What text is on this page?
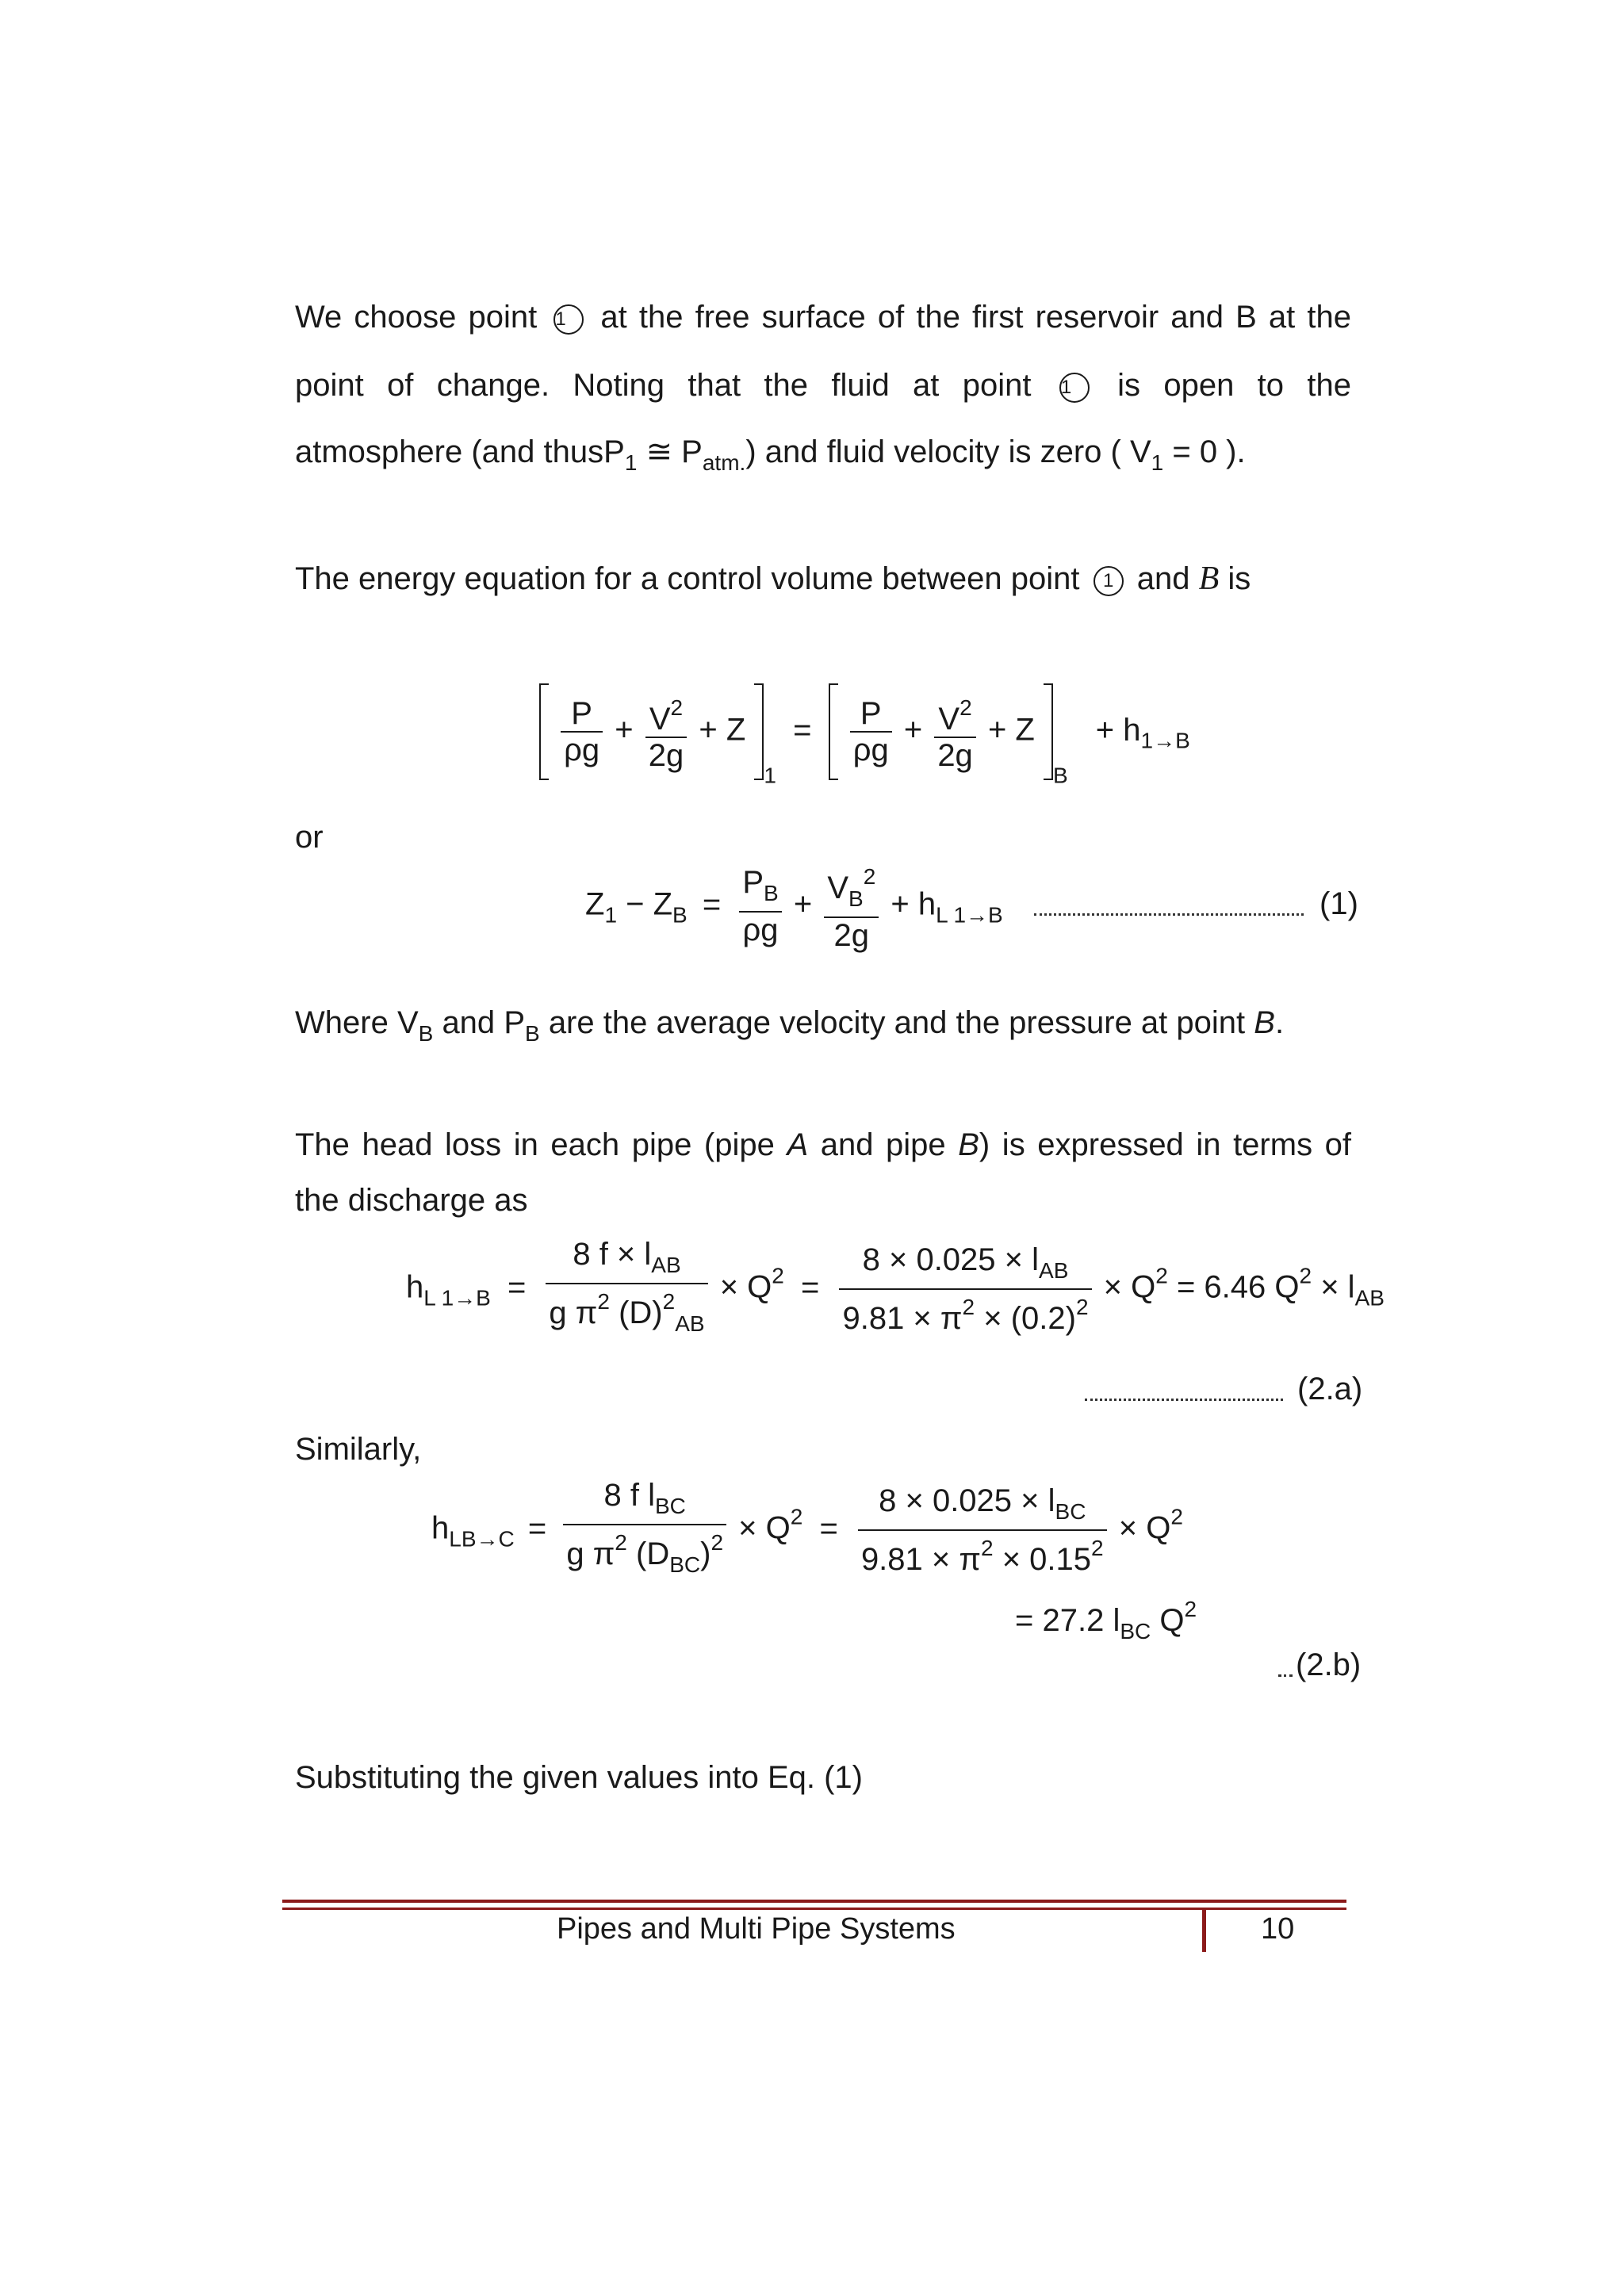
We choose point 1 at the free surface of the first reservoir and B at the
point of change. Noting that the fluid at point 1 is open to the
atmosphere (and thusP$_1$ ≅ $P_{atm.}$) and fluid velocity is zero ( $V_1 = 0$ ).
The energy equation for a control volume between point 1 and B is

$\frac{P}{\rho g} + \frac{V^2}{2g} + Z$ $_1 = \frac{P}{\rho g} + \frac{V^2}{2g} + Z$ $_B + h_{1\to B}$
or
$Z_1 - Z_B = \frac{P_B}{\rho g} + \frac{V_B^2}{2g} + h_{L 1\to B}$	(1)
Where $V_B$ and $P_B$ are the average velocity and the pressure at point B.
The head loss in each pipe (pipe A and pipe B) is expressed in terms of
the discharge as
$h_{L 1\to B} = \frac{8 f \times l_{AB}}{g \pi^2 (D)^2_{AB}} \times Q^2 = \frac{8 \times 0.025 \times l_{AB}}{9.81 \times \pi^2 \times (0.2)^2} \times Q^2 = 6.46$ $Q^2 \times l_{AB}$
(2.a)
Similarly,
$h_{LB\to C} = \frac{8 f l_{BC}}{g \pi^2 (D_{BC})^2} \times Q^2 = \frac{8 \times 0.025 \times l_{BC}}{9.81 \times \pi^2 \times 0.15^2} \times Q^2$
= 27.2 $l_{BC}$ $Q^2$
(2.b)
Substituting the given values into Eq. (1)
Pipes and Multi Pipe Systems	10
